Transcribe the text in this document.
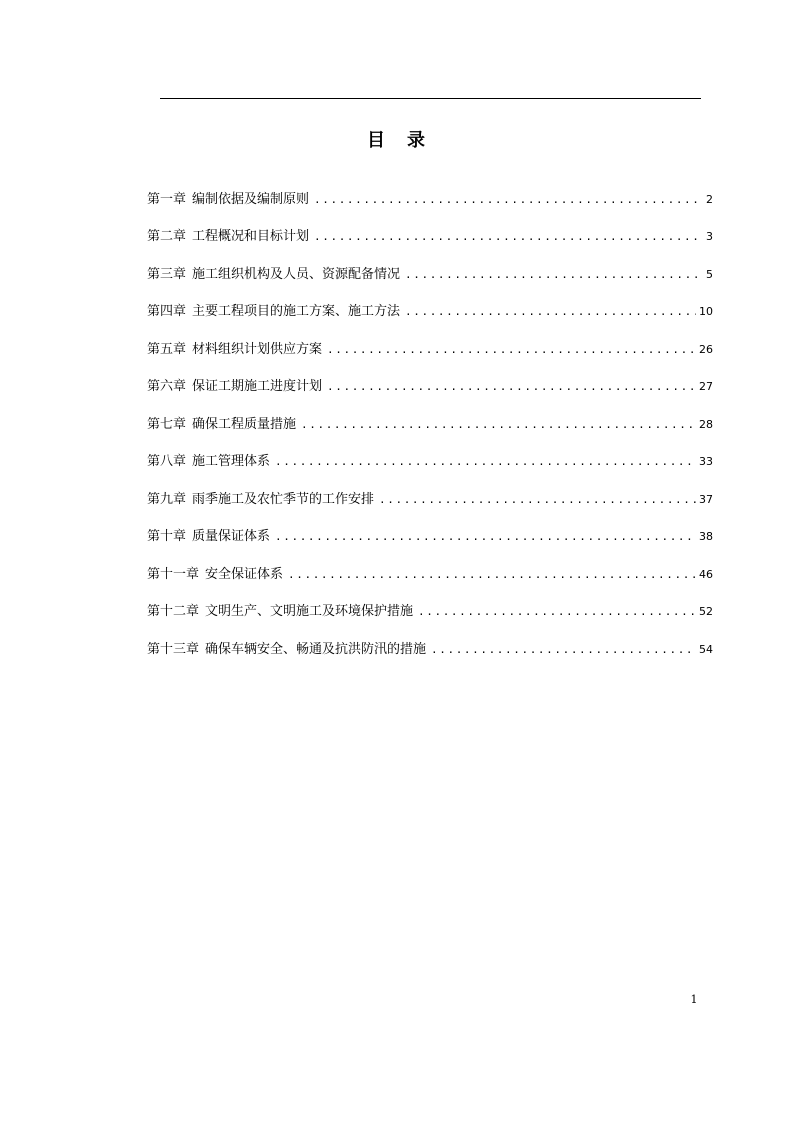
目　录
第一章 编制依据及编制原则 .....	2
第二章 工程概况和目标计划 .....	3
第三章 施工组织机构及人员、资源配备情况 .....	5
第四章 主要工程项目的施工方案、施工方法 .....	10
第五章 材料组织计划供应方案 .....	26
第六章 保证工期施工进度计划 .....	27
第七章 确保工程质量措施 .....	28
第八章 施工管理体系 .....	33
第九章 雨季施工及农忙季节的工作安排 .....	37
第十章 质量保证体系 .....	38
第十一章 安全保证体系 .....	46
第十二章 文明生产、文明施工及环境保护措施 .....	52
第十三章 确保车辆安全、畅通及抗洪防汛的措施 .....	54
1
